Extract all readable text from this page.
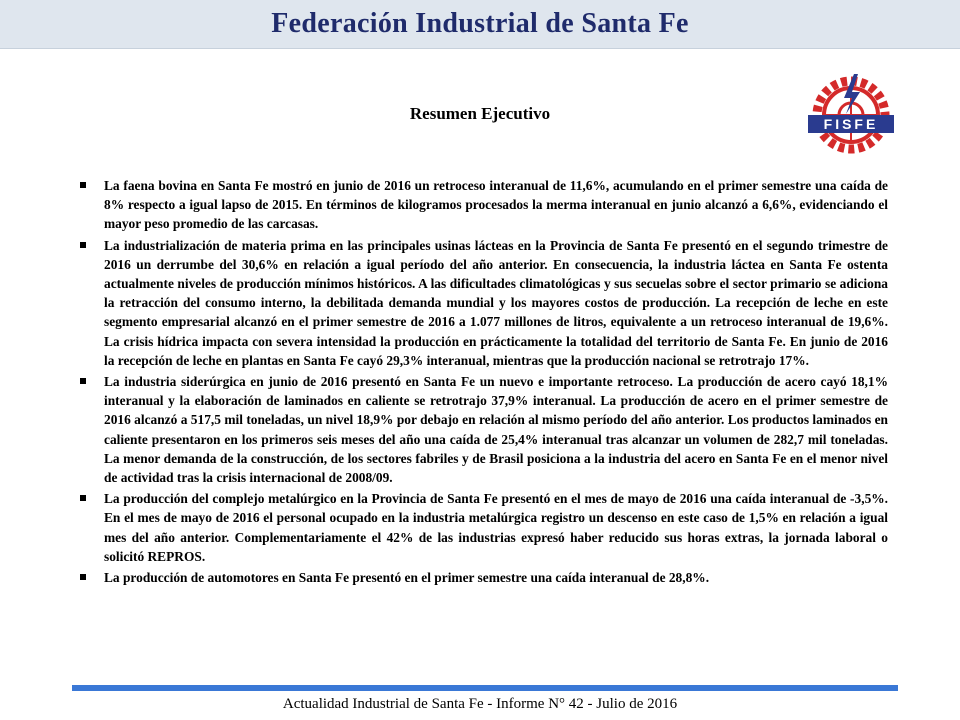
Federación Industrial de Santa Fe
FISFE
Resumen Ejecutivo
La faena bovina en Santa Fe mostró en junio de 2016 un retroceso interanual de 11,6%, acumulando en el primer semestre una caída de 8% respecto a igual lapso de 2015. En términos de kilogramos procesados la merma interanual en junio alcanzó a 6,6%, evidenciando el mayor peso promedio de las carcasas.
La industrialización de materia prima en las principales usinas lácteas en la Provincia de Santa Fe presentó en el segundo trimestre de 2016 un derrumbe del 30,6% en relación a igual período del año anterior. En consecuencia, la industria láctea en Santa Fe ostenta actualmente niveles de producción mínimos históricos. A las dificultades climatológicas y sus secuelas sobre el sector primario se adiciona la retracción del consumo interno, la debilitada demanda mundial y los mayores costos de producción. La recepción de leche en este segmento empresarial alcanzó en el primer semestre de 2016 a 1.077 millones de litros, equivalente a un retroceso interanual de 19,6%. La crisis hídrica impacta con severa intensidad la producción en prácticamente la totalidad del territorio de Santa Fe. En junio de 2016 la recepción de leche en plantas en Santa Fe cayó 29,3% interanual, mientras que la producción nacional se retrotrajo 17%.
La industria siderúrgica en junio de 2016 presentó en Santa Fe un nuevo e importante retroceso. La producción de acero cayó 18,1% interanual y la elaboración de laminados en caliente se retrotrajo 37,9% interanual. La producción de acero en el primer semestre de 2016 alcanzó a 517,5 mil toneladas, un nivel 18,9% por debajo en relación al mismo período del año anterior. Los productos laminados en caliente presentaron en los primeros seis meses del año una caída de 25,4% interanual tras alcanzar un volumen de 282,7 mil toneladas. La menor demanda de la construcción, de los sectores fabriles y de Brasil posiciona a la industria del acero en Santa Fe en el menor nivel de actividad tras la crisis internacional de 2008/09.
La producción del complejo metalúrgico en la Provincia de Santa Fe presentó en el mes de mayo de 2016 una caída interanual de -3,5%. En el mes de mayo de 2016 el personal ocupado en la industria metalúrgica registro un descenso en este caso de 1,5% en relación a igual mes del año anterior. Complementariamente el 42% de las industrias expresó haber reducido sus horas extras, la jornada laboral o solicitó REPROS.
La producción de automotores en Santa Fe presentó en el primer semestre una caída interanual de 28,8%.
Actualidad Industrial de Santa Fe - Informe N° 42 - Julio de 2016
